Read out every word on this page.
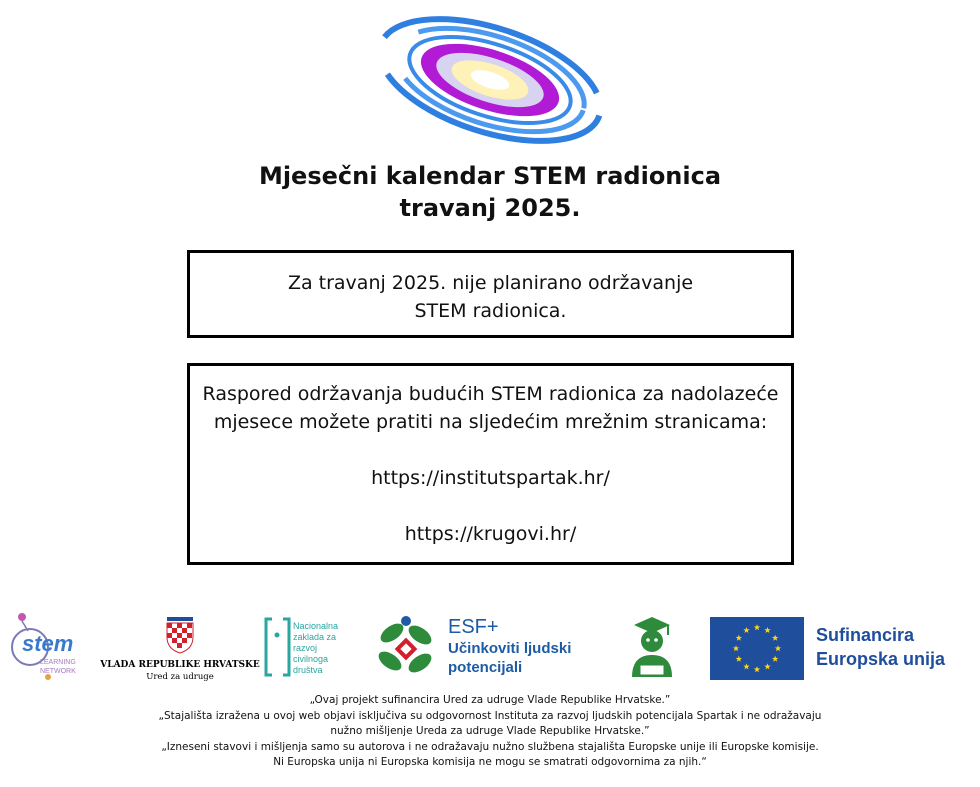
Mjesečni kalendar STEM radionica
travanj 2025.
Za travanj 2025. nije planirano održavanje
STEM radionica.

Raspored održavanja budućih STEM radionica za nadolazeće

mjesece možete pratiti na sljedećim mrežnim stranicama:

https://institutspartak.hr/

https://krugovi.hr/

stem
LEARNING
NETWORK
VLADA REPUBLIKE HRVATSKE
Ured za udruge
Nacionalna
zaklada za
razvoj
civilnoga
društva
ESF+
Učinkoviti ljudski
potencijali
Sufinancira
Europska unija

„Ovaj projekt sufinancira Ured za udruge Vlade Republike Hrvatske.”

„Stajališta izražena u ovoj web objavi isključiva su odgovornost Instituta za razvoj ljudskih potencijala Spartak i ne odražavaju

nužno mišljenje Ureda za udruge Vlade Republike Hrvatske.”

„Izneseni stavovi i mišljenja samo su autorova i ne odražavaju nužno službena stajališta Europske unije ili Europske komisije.

Ni Europska unija ni Europska komisija ne mogu se smatrati odgovornima za njih.“
